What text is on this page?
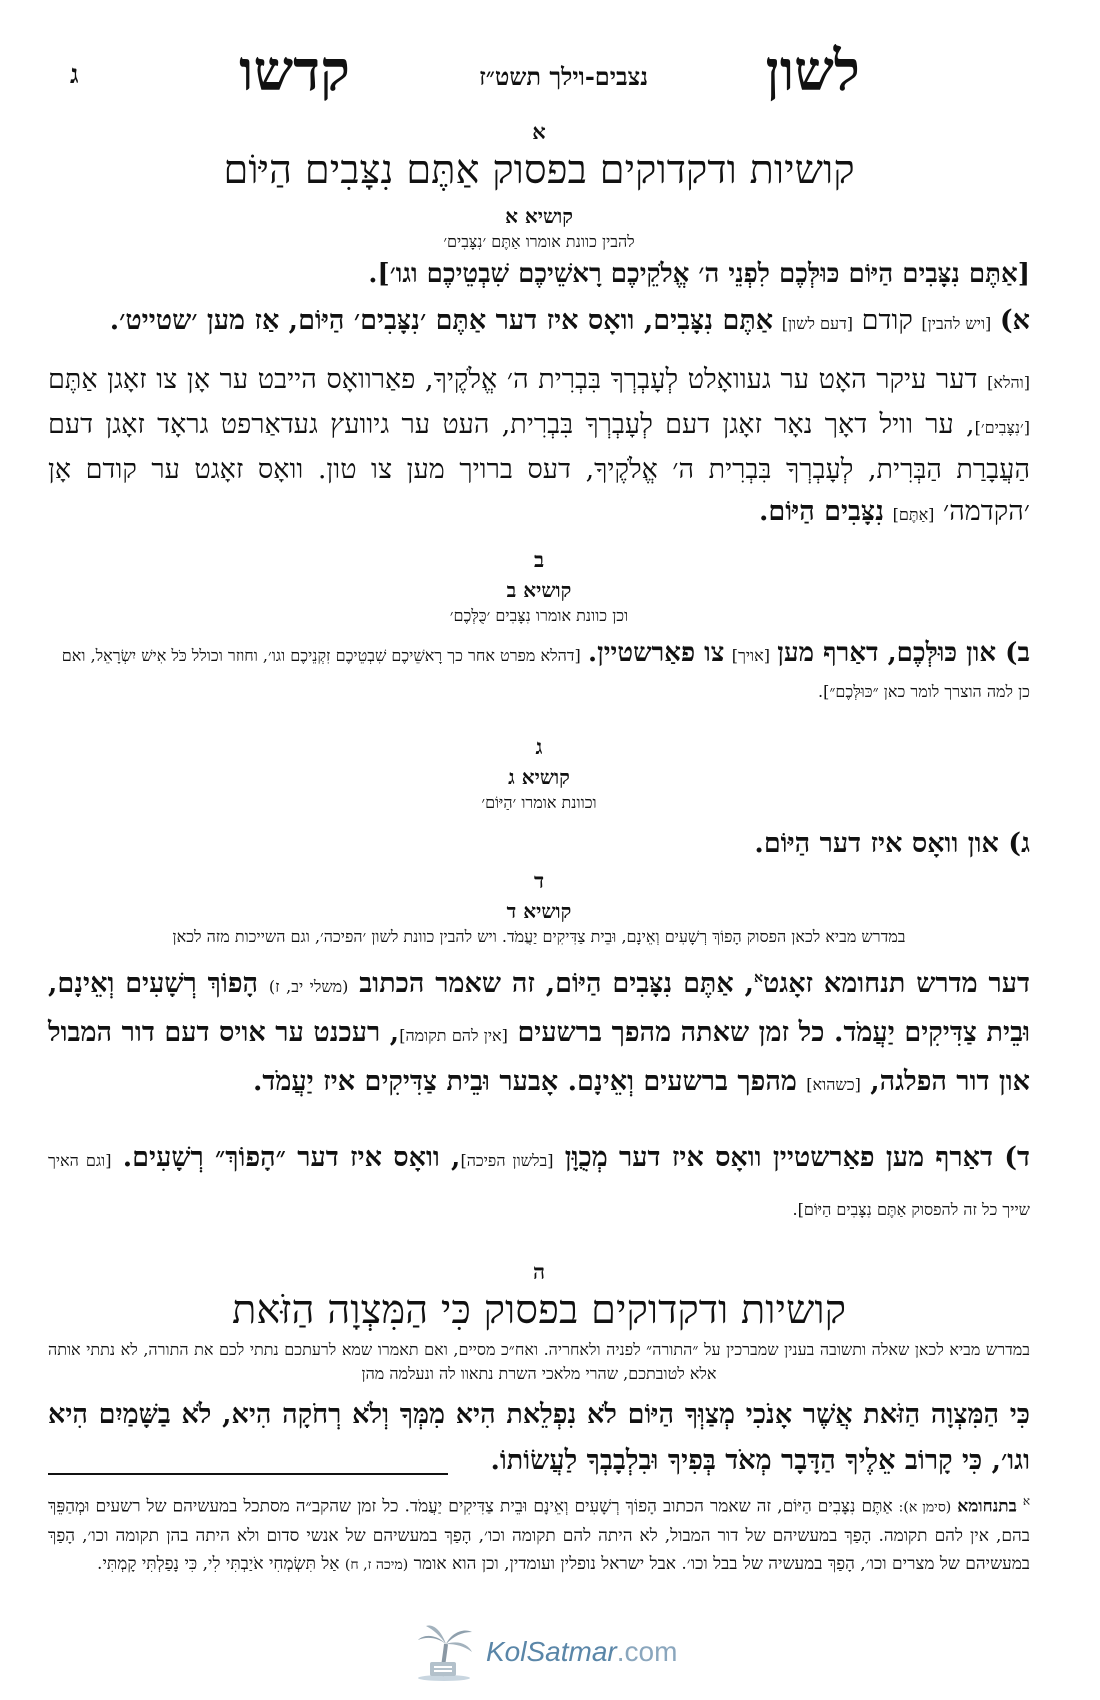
לשון
נצבים-וילך תשט״ז
קדשו
ג
א
קושיות ודקדוקים בפסוק אַתֶּם נִצָּבִים הַיּוֹם
קושיא א
להבין כוונת אומרו אַתֶּם ׳נִצָּבִים׳
[אַתֶּם נִצָּבִים הַיּוֹם כּוּלְּכֶם לִפְנֵי ה׳ אֱלֹקֵיכֶם רָאשֵׁיכֶם שִׁבְטֵיכֶם וגו׳].

א) [ויש להבין] קודם [דעם לשון] אַתֶּם נִצָּבִים, וואָס איז דער אַתֶּם ׳נִצָּבִים׳ הַיּוֹם, אַז מען ׳שטייט׳.

[והלא] דער עיקר האָט ער געוואָלט לְעָבְרְךָ בִּבְרִית ה׳ אֱלֹקֶיךָ, פאַרוואָס הייבט ער אָן צו זאָגן אַתֶּם [׳נִצָּבִים׳], ער וויל דאָך נאָר זאָגן דעם לְעָבְרְךָ בִּבְרִית, העט ער גיוועץ געדאַרפט גראָד זאָגן דעם הַעֲבָרַת הַבְּרִית, לְעָבְרְךָ בִּבְרִית ה׳ אֱלֹקֶיךָ, דעס ברויך מען צו טון. וואָס זאָגט ער קודם אָן ׳הקדמה׳ [אַתֶּם] נִצָּבִים הַיּוֹם.

ב
קושיא ב
וכן כוונת אומרו נִצָּבִים ׳כֻּלְּכֶם׳

ב) און כּוּלְּכֶם, דאַרף מען [אויך] צו פאַרשטיין. [דהלא מפרט אחר כך רָאשֵׁיכֶם שִׁבְטֵיכֶם זִקְנֵיכֶם וגו׳, וחוזר וכולל כֹּל אִישׁ יִשְׂרָאֵל, ואם כן למה הוצרך לומר כאן ״כּוּלְּכֶם״].

ג
קושיא ג
וכוונת אומרו ׳הַיּוֹם׳

ג) און וואָס איז דער הַיּוֹם.

ד
קושיא ד
במדרש מביא לכאן הפסוק הָפוֹךְ רְשָׁעִים וְאֵינָם, וּבֵית צַדִּיקִים יַעֲמֹד. ויש להבין כוונת לשון ׳הפיכה׳, וגם השייכות מזה לכאן

דער מדרש תנחומא זאָגט$^א$, אַתֶּם נִצָּבִים הַיּוֹם, זה שאמר הכתוב (משלי יב, ז) הָפוֹךְ רְשָׁעִים וְאֵינָם, וּבֵית צַדִּיקִים יַעֲמֹד. כל זמן שאתה מהפך ברשעים [אין להם תקומה], רעכנט ער אויס דעם דור המבול און דור הפלגה, [כשהוא] מהפך ברשעים וְאֵינָם. אָבער וּבֵית צַדִּיקִים איז יַעֲמֹד.

ד) דאַרף מען פאַרשטיין וואָס איז דער מְכֻוָּן [בלשון הפיכה], וואָס איז דער ״הָפוֹךְ״ רְשָׁעִים. [וגם האיך שייך כל זה להפסוק אַתֶּם נִצָּבִים הַיּוֹם].

ה
קושיות ודקדוקים בפסוק כִּי הַמִּצְוָה הַזֹּאת
במדרש מביא לכאן שאלה ותשובה בענין שמברכין על ״התורה״ לפניה ולאחריה. ואח״כ מסיים, ואם תאמרו שמא לרעתכם נתתי לכם את התורה, לא נתתי אותה אלא לטובתכם, שהרי מלאכי השרת נתאוו לה ונעלמה מהן
כִּי הַמִּצְוָה הַזֹּאת אֲשֶׁר אָנֹכִי מְצַוְּךָ הַיּוֹם לֹא נִפְלֵאת הִיא מִמְּךָ וְלֹא רְחֹקָה הִיא, לֹא בַשָּׁמַיִם הִיא וגו׳, כִּי קָרוֹב אֵלֶיךָ הַדָּבָר מְאֹד בְּפִיךָ וּבִלְבָבְךָ לַעֲשׂוֹתוֹ.
$^א$ בתנחומא (סימן א): אַתֶּם נִצָּבִים הַיּוֹם, זה שאמר הכתוב הָפוֹךְ רְשָׁעִים וְאֵינָם וּבֵית צַדִּיקִים יַעֲמֹד. כל זמן שהקב״ה מסתכל במעשיהם של רשעים וּמְהַפֵּךְ בהם, אין להם תקומה. הָפַךְ במעשיהם של דור המבול, לא היתה להם תקומה וכו׳, הָפַךְ במעשיהם של אנשי סדום ולא היתה בהן תקומה וכו׳, הָפַךְ במעשיהם של מצרים וכו׳, הָפַךְ במעשיה של בבל וכו׳. אבל ישראל נופלין ועומדין, וכן הוא אומר (מיכה ז, ח) אַל תִּשְׂמְחִי אֹיַבְתִּי לִי, כִּי נָפַלְתִּי קָמְתִּי.
KolSatmar.com
